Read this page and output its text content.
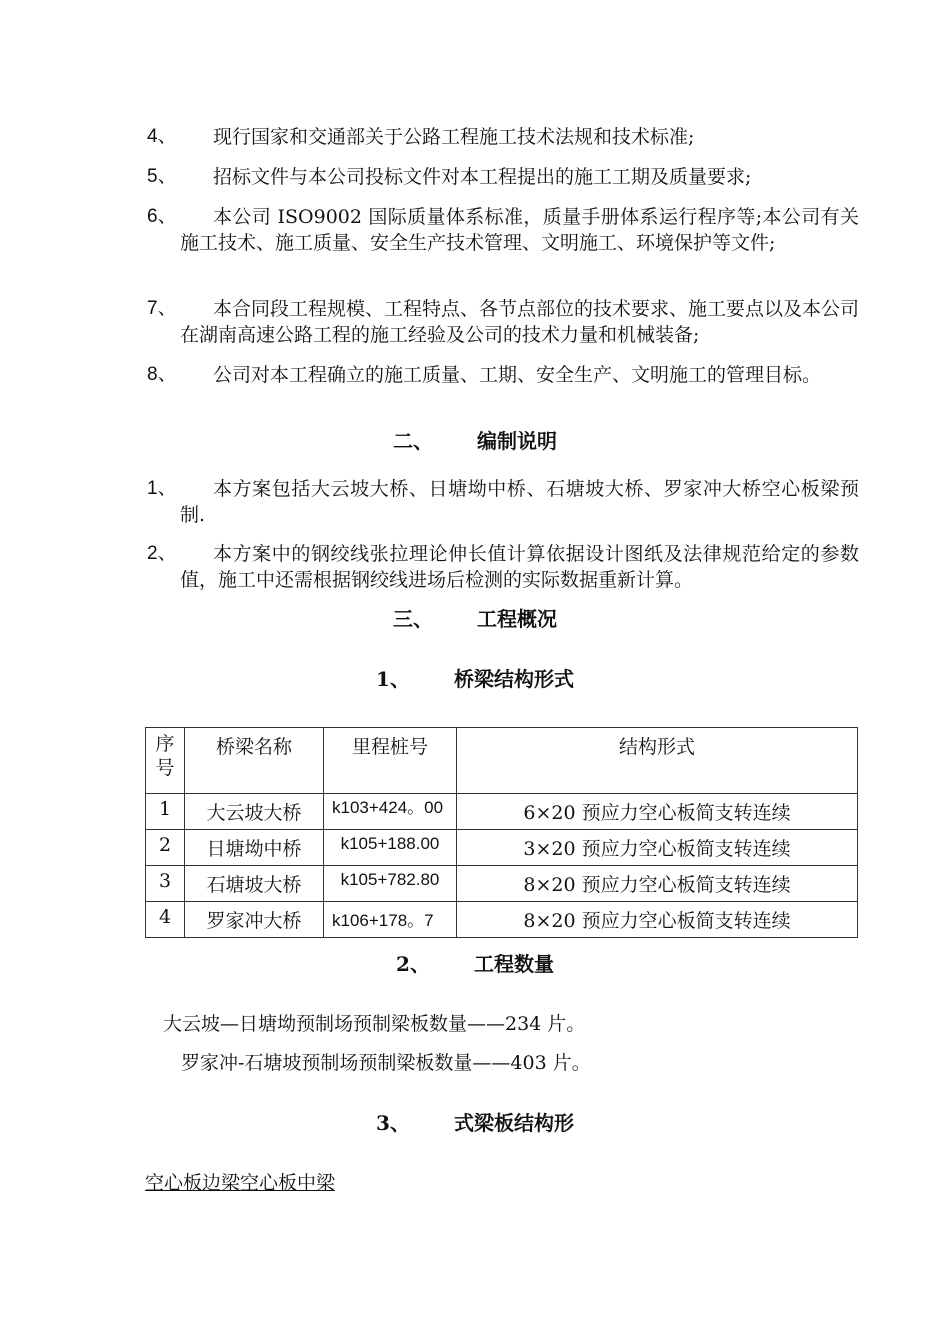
4、	现行国家和交通部关于公路工程施工技术法规和技术标准;
5、	招标文件与本公司投标文件对本工程提出的施工工期及质量要求;
6、	本公司 ISO9002 国际质量体系标准，质量手册体系运行程序等;本公司有关施工技术、施工质量、安全生产技术管理、文明施工、环境保护等文件;
7、	本合同段工程规模、工程特点、各节点部位的技术要求、施工要点以及本公司在湖南高速公路工程的施工经验及公司的技术力量和机械装备;
8、	公司对本工程确立的施工质量、工期、安全生产、文明施工的管理目标。
二、 编制说明
1、	本方案包括大云坡大桥、日塘坳中桥、石塘坡大桥、罗家冲大桥空心板梁预制.
2、	本方案中的钢绞线张拉理论伸长值计算依据设计图纸及法律规范给定的参数值，施工中还需根据钢绞线进场后检测的实际数据重新计算。
三、 工程概况
1、 桥梁结构形式
序号	桥梁名称	里程桩号	结构形式
1	大云坡大桥	k103+424。00	6×20 预应力空心板简支转连续
2	日塘坳中桥	k105+188.00	3×20 预应力空心板简支转连续
3	石塘坡大桥	k105+782.80	8×20 预应力空心板简支转连续
4	罗家冲大桥	k106+178。7	8×20 预应力空心板简支转连续
2、 工程数量
大云坡—日塘坳预制场预制梁板数量——234 片。
罗家冲-石塘坡预制场预制梁板数量——403 片。
3、 式梁板结构形
空心板边梁空心板中梁
